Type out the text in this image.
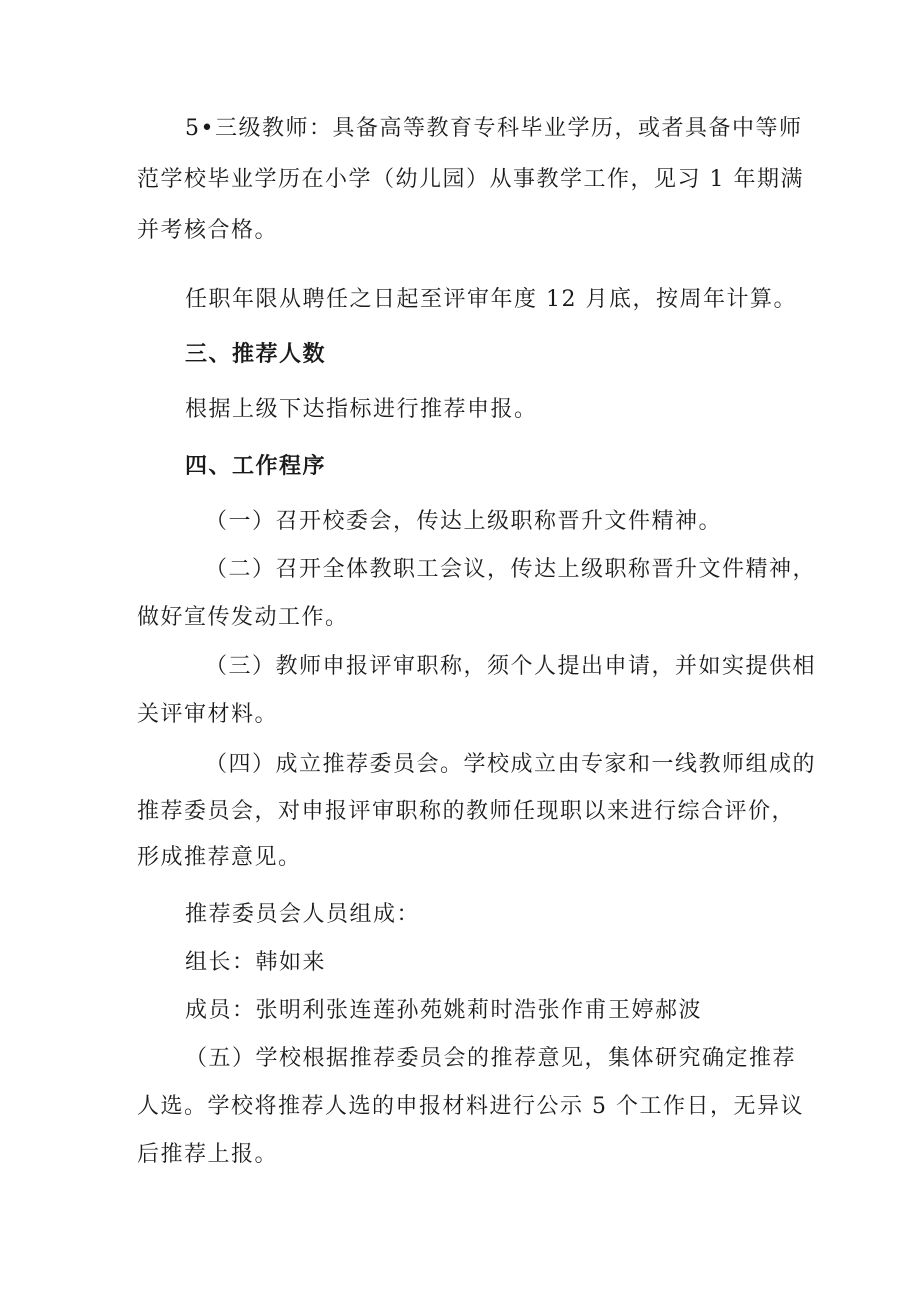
5•三级教师：具备高等教育专科毕业学历，或者具备中等师
范学校毕业学历在小学（幼儿园）从事教学工作，见习 1 年期满
并考核合格。
任职年限从聘任之日起至评审年度 12 月底，按周年计算。
三、推荐人数
根据上级下达指标进行推荐申报。
四、工作程序
（一）召开校委会，传达上级职称晋升文件精神。
（二）召开全体教职工会议，传达上级职称晋升文件精神，
做好宣传发动工作。
（三）教师申报评审职称，须个人提出申请，并如实提供相
关评审材料。
（四）成立推荐委员会。学校成立由专家和一线教师组成的
推荐委员会，对申报评审职称的教师任现职以来进行综合评价，
形成推荐意见。
推荐委员会人员组成：
组长：韩如来
成员：张明利张连莲孙苑姚莉时浩张作甫王婷郝波
（五）学校根据推荐委员会的推荐意见，集体研究确定推荐
人选。学校将推荐人选的申报材料进行公示 5 个工作日，无异议
后推荐上报。
